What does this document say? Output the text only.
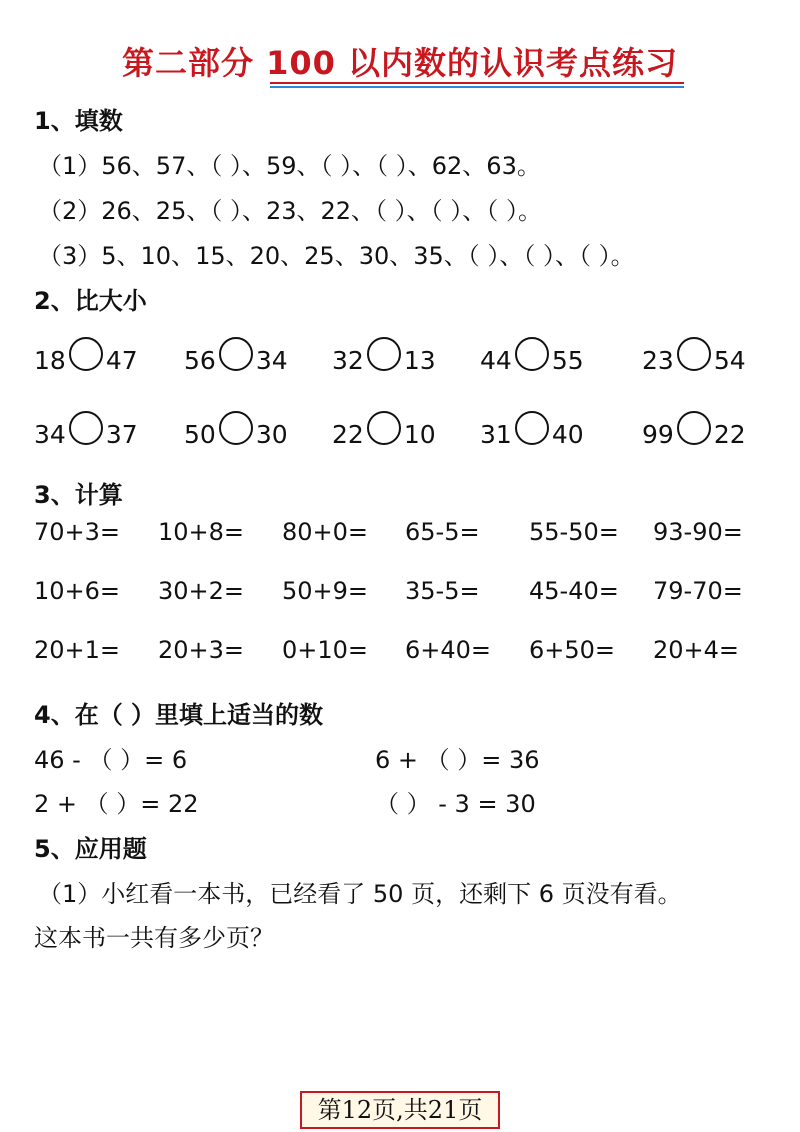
第二部分 100 以内数的认识考点练习
1、填数
（1）56、57、（ ）、59、（ ）、（ ）、62、63。
（2）26、25、（ ）、23、22、（ ）、（ ）、（ ）。
（3）5、10、15、20、25、30、35、（ ）、（ ）、（ ）。
2、比大小
18 47 56 34 32 13 44 55 23 54
34 37 50 30 22 10 31 40 99 22
3、计算
70+3= 10+8= 80+0= 65-5= 55-50= 93-90=
10+6= 30+2= 50+9= 35-5= 45-40= 79-70=
20+1= 20+3= 0+10= 6+40= 6+50= 20+4=
4、在（ ）里填上适当的数
46 - （ ）= 6	6 + （ ）= 36
2 + （ ）= 22	（ ） - 3 = 30
5、应用题
（1）小红看一本书，已经看了 50 页，还剩下 6 页没有看。
这本书一共有多少页？
第12页,共21页
